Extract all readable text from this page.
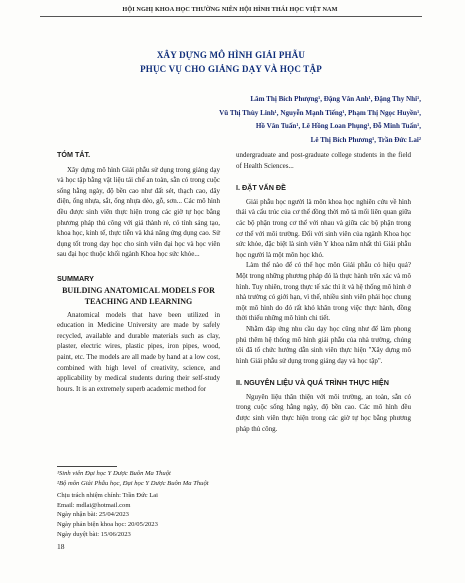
HỘI NGHỊ KHOA HỌC THƯỜNG NIÊN HỘI HÌNH THÁI HỌC VIỆT NAM
XÂY DỰNG MÔ HÌNH GIẢI PHẪU
PHỤC VỤ CHO GIẢNG DẠY VÀ HỌC TẬP
Lâm Thị Bích Phượng¹, Đặng Văn Anh¹, Đặng Thy Nhi¹,
Vũ Thị Thùy Linh¹, Nguyễn Mạnh Tiếng¹, Phạm Thị Ngọc Huyền¹,
Hồ Văn Tuấn¹, Lê Hồng Loan Phụng¹, Đỗ Minh Tuấn¹,
Lê Thị Bích Phương¹, Trần Đức Lai²
TÓM TẮT.

Xây dựng mô hình Giải phẫu sử dụng trong giảng dạy và học tập bằng vật liệu tái chế an toàn, sẵn có trong cuộc sống hằng ngày, độ bền cao như đất sét, thạch cao, dây điện, ống nhựa, sắt, ống nhựa dẻo, gỗ, sơn... Các mô hình đều được sinh viên thực hiện trong các giờ tự học bằng phương pháp thủ công với giá thành rẻ, có tính sáng tạo, khoa học, kinh tế, thực tiễn và khả năng ứng dụng cao. Sử dụng tốt trong dạy học cho sinh viên đại học và học viên sau đại học thuộc khối ngành Khoa học sức khỏe...

SUMMARY
BUILDING ANATOMICAL MODELS FOR TEACHING AND LEARNING

Anatomical models that have been utilized in education in Medicine University are made by safely recycled, available and durable materials such as clay, plaster, electric wires, plastic pipes, iron pipes, wood, paint, etc. The models are all made by hand at a low cost, combined with high level of creativity, science, and applicability by medical students during their self-study hours. It is an extremely superb academic method for

¹Sinh viên Đại học Y Dược Buôn Ma Thuột
²Bộ môn Giải Phẫu học, Đại học Y Dược Buôn Ma Thuột
Chịu trách nhiệm chính: Trần Đức Lai
Email: mdlai@hotmail.com
Ngày nhận bài: 25/04/2023
Ngày phản biện khoa học: 20/05/2023
Ngày duyệt bài: 15/06/2023
18

undergraduate and post-graduate college students in the field of Health Sciences...

I. ĐẶT VẤN ĐỀ

Giải phẫu học người là môn khoa học nghiên cứu về hình thái và cấu trúc của cơ thể đồng thời mô tả mối liên quan giữa các bộ phận trong cơ thể với nhau và giữa các bộ phận trong cơ thể với môi trường. Đối với sinh viên của ngành Khoa học sức khỏe, đặc biệt là sinh viên Y khoa năm nhất thì Giải phẫu học người là một môn học khó.

Làm thế nào để có thể học môn Giải phẫu có hiệu quả? Một trong những phương pháp đó là thực hành trên xác và mô hình. Tuy nhiên, trong thực tế xác thì ít và hệ thống mô hình ở nhà trường có giới hạn, vì thế, nhiều sinh viên phải học chung một mô hình do đó rất khó khăn trong việc thực hành, đồng thời thiếu những mô hình chi tiết.

Nhằm đáp ứng nhu cầu dạy học cũng như để làm phong phú thêm hệ thống mô hình giải phẫu của nhà trường, chúng tôi đã tổ chức hướng dẫn sinh viên thực hiện "Xây dựng mô hình Giải phẫu sử dụng trong giảng dạy và học tập".

II. NGUYÊN LIỆU VÀ QUÁ TRÌNH THỰC HIỆN

Nguyên liệu thân thiện với môi trường, an toàn, sẵn có trong cuộc sống hằng ngày, độ bền cao. Các mô hình đều được sinh viên thực hiện trong các giờ tự học bằng phương pháp thủ công.
